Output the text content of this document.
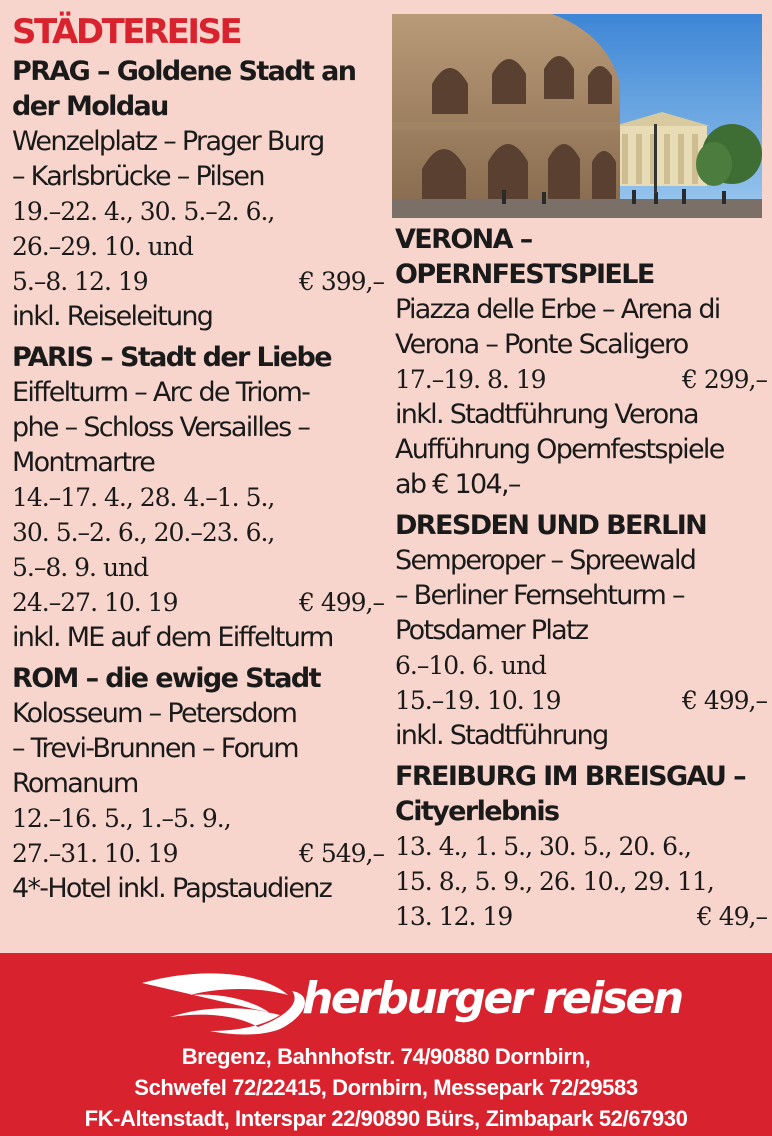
STÄDTEREISE
PRAG – Goldene Stadt an
der Moldau
Wenzelplatz – Prager Burg
– Karlsbrücke – Pilsen
19.–22. 4., 30. 5.–2. 6.,
26.–29. 10. und
5.–8. 12. 19	€ 399,–
inkl. Reiseleitung
PARIS – Stadt der Liebe
Eiffelturm – Arc de Triom-
phe – Schloss Versailles –
Montmartre
14.–17. 4., 28. 4.–1. 5.,
30. 5.–2. 6., 20.–23. 6.,
5.–8. 9. und
24.–27. 10. 19	€ 499,–
inkl. ME auf dem Eiffelturm
ROM – die ewige Stadt
Kolosseum – Petersdom
– Trevi-Brunnen – Forum
Romanum
12.–16. 5., 1.–5. 9.,
27.–31. 10. 19	€ 549,–
4*-Hotel inkl. Papstaudienz
VERONA –
OPERNFESTSPIELE
Piazza delle Erbe – Arena di
Verona – Ponte Scaligero
17.–19. 8. 19	€ 299,–
inkl. Stadtführung Verona
Aufführung Opernfestspiele
ab € 104,–
DRESDEN UND BERLIN
Semperoper – Spreewald
– Berliner Fernsehturm –
Potsdamer Platz
6.–10. 6. und
15.–19. 10. 19	€ 499,–
inkl. Stadtführung
FREIBURG IM BREISGAU –
Cityerlebnis
13. 4., 1. 5., 30. 5., 20. 6.,
15. 8., 5. 9., 26. 10., 29. 11,
13. 12. 19	€ 49,–
herburger reisen
Bregenz, Bahnhofstr. 74/90880 Dornbirn,
Schwefel 72/22415, Dornbirn, Messepark 72/29583
FK-Altenstadt, Interspar 22/90890 Bürs, Zimbapark 52/67930
